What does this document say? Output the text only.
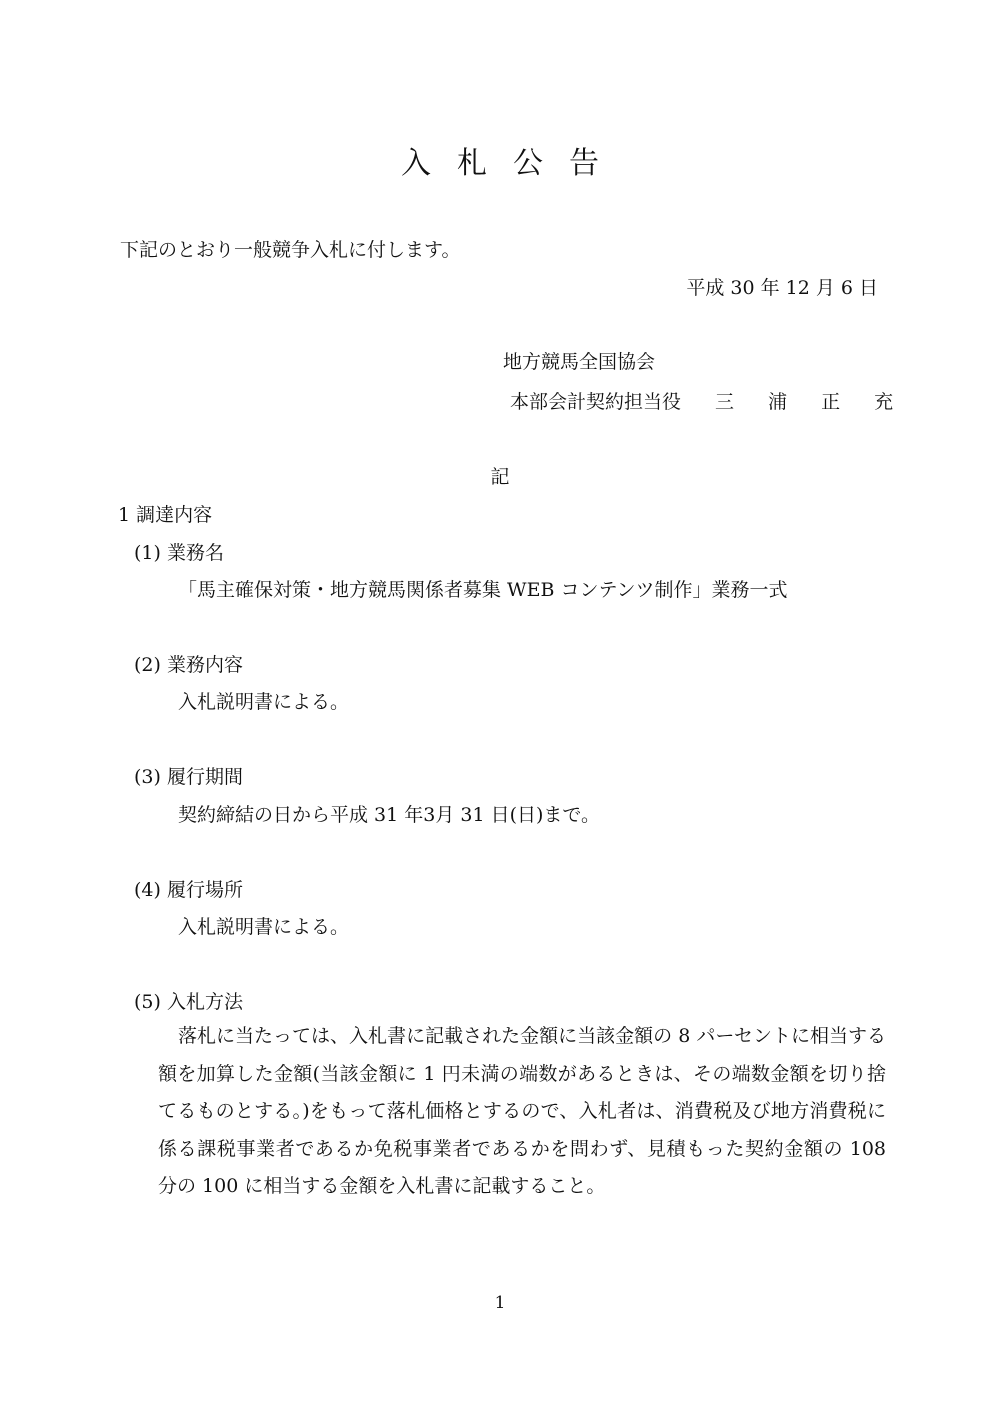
入札公告

下記のとおり一般競争入札に付します。

平成 30 年 12 月 6 日

地方競馬全国協会

本部会計契約担当役 三 浦 正 充

記

1 調達内容

(1) 業務名

「馬主確保対策・地方競馬関係者募集 WEB コンテンツ制作」業務一式

(2) 業務内容

入札説明書による。

(3) 履行期間

契約締結の日から平成 31 年3月 31 日(日)まで。

(4) 履行場所

入札説明書による。

(5) 入札方法

落札に当たっては、入札書に記載された金額に当該金額の 8 パーセントに相当する額を加算した金額(当該金額に 1 円未満の端数があるときは、その端数金額を切り捨てるものとする。)をもって落札価格とするので、入札者は、消費税及び地方消費税に係る課税事業者であるか免税事業者であるかを問わず、見積もった契約金額の 108 分の 100 に相当する金額を入札書に記載すること。

1
